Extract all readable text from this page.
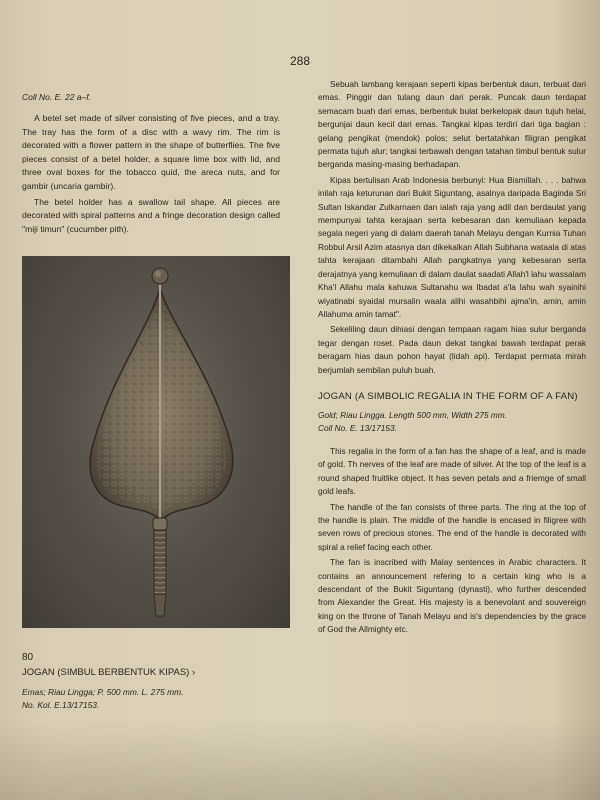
288

Coll No. E. 22 a–f.

A betel set made of silver consisting of five pieces, and a tray. The tray has the form of a disc with a wavy rim. The rim is decorated with a flower pattern in the shape of butterflies. The five pieces consist of a betel holder, a square lime box with lid, and three oval boxes for the tobacco quid, the areca nuts, and for gambir (uncaria gambir).

The betel holder has a swallow tail shape. All pieces are decorated with spiral patterns and a fringe decoration design called "miji timun" (cucumber pith).

80

JOGAN (SIMBUL BERBENTUK KIPAS) ›

Emas; Riau Lingga; P. 500 mm. L. 275 mm.

No. Kol. E.13/17153.

Sebuah lambang kerajaan seperti kipas berbentuk daun, terbuat dari emas. Pinggir dan tulang daun dari perak. Puncak daun terdapat semacam buah dari emas, berbentuk bulat berkelopak daun tujuh helai, bergunjai daun kecil dari emas. Tangkai kipas terdiri dari tiga bagian : gelang pengikat (mendok) polos; selut bertatahkan filigran pengikat permata tujuh alur; tangkai terbawah dengan tatahan timbul bentuk sulur berganda masing-masing berhadapan.

Kipas bertulisan Arab Indonesia berbunyi: Hua Bismillah. . . . bahwa inilah raja keturunan dari Bukit Siguntang, asalnya daripada Baginda Sri Sultan Iskandar Zulkarnaen dan ialah raja yang adil dan berdaulat yang mempunyai tahta kerajaan serta kebesaran dan kemuliaan kepada segala negeri yang di dalam daerah tanah Melayu dengan Kurnia Tuhan Robbul Arsil Azim atasnya dan dikekalkan Allah Subhana wataala di atas tahta kerajaan ditambahi Allah pangkatnya yang kebesaran serta derajatnya yang kemuliaan di dalam daulat saadati Allah'l lahu wassalam Kha'l Allahu mala kahuwa Sultanahu wa Ibadat a'la lahu wah syainihi wiyatinabi syaidal mursalin waala alihi wasahbihi ajma'in, amin, amin Allahuma amin tamat".

Sekeliling daun dihiasi dengan tempaan ragam hias sulur berganda tegar dengan roset. Pada daun dekat tangkai bawah terdapat perak beragam hias daun pohon hayat (lidah api). Terdapat permata mirah berjumlah sembilan puluh buah.

JOGAN (A SIMBOLIC REGALIA IN THE FORM OF A FAN)

Gold; Riau Lingga. Length 500 mm, Width 275 mm.
Coll No. E. 13/17153.

This regalia in the form of a fan has the shape of a leaf, and is made of gold. Th nerves of the leaf are made of silver. At the top of the leaf is a round shaped fruitlike object. It has seven petals and a friemge of small gold leafs.

The handle of the fan consists of three parts. The ring at the top of the handle is plain. The middle of the handle is encased in filigree with seven rows of precious stones. The end of the handle is decorated with spiral a relief facing each other.

The fan is inscribed with Malay sentences in Arabic characters. It contains an announcement refering to a certain king who is a descendant of the Bukit Siguntang (dynasti), who further descended from Alexander the Great. His majesty is a benevolant and souvereign king on the throne of Tanah Melayu and is's dependencies by the grace of God the Allmighty etc.
